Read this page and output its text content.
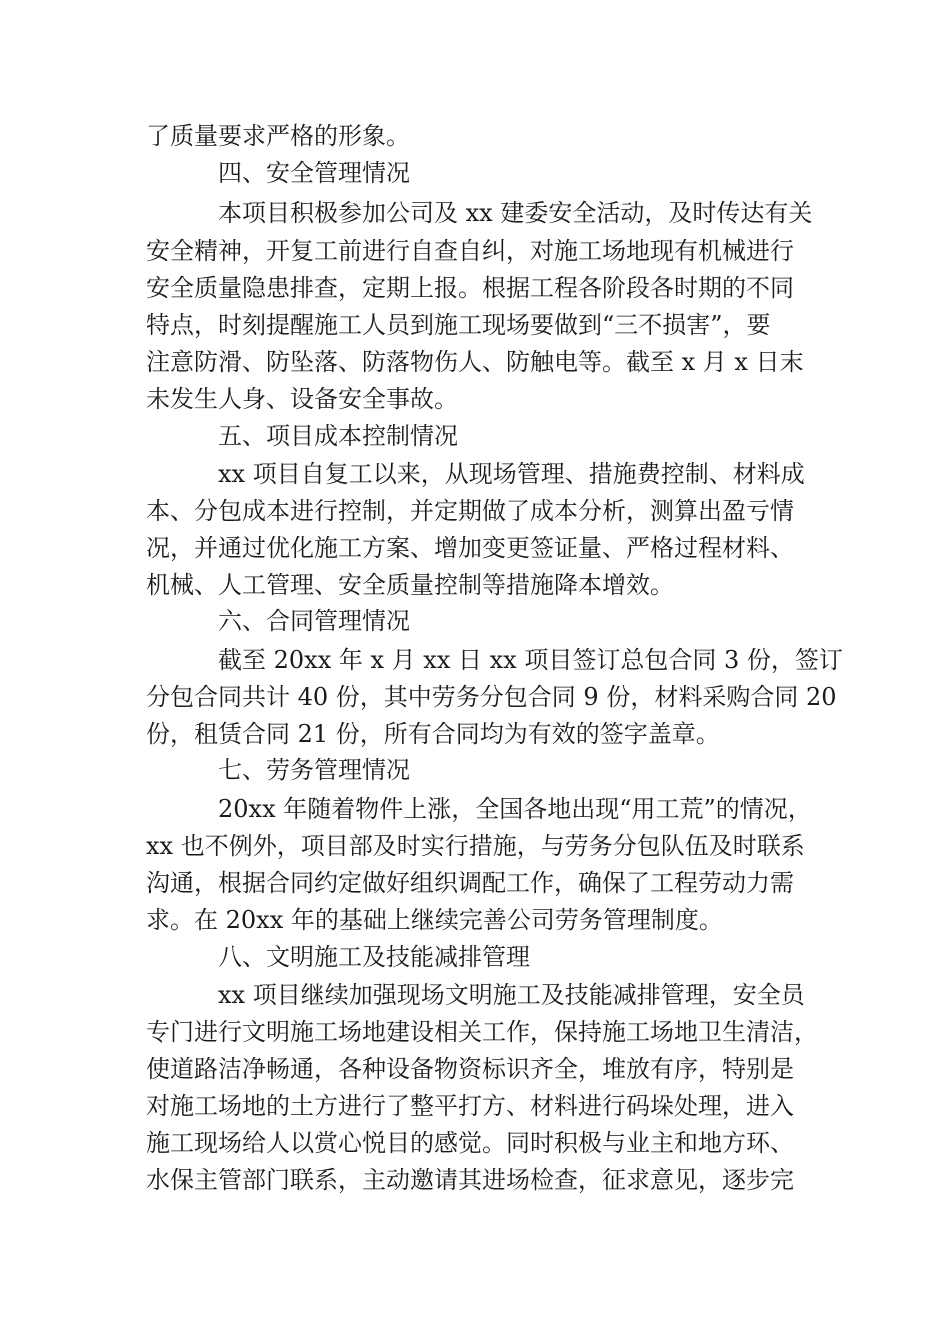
了质量要求严格的形象。
四、安全管理情况
本项目积极参加公司及 xx 建委安全活动，及时传达有关
安全精神，开复工前进行自查自纠，对施工场地现有机械进行
安全质量隐患排查，定期上报。根据工程各阶段各时期的不同
特点，时刻提醒施工人员到施工现场要做到“三不损害”，要
注意防滑、防坠落、防落物伤人、防触电等。截至 x 月 x 日末
未发生人身、设备安全事故。
五、项目成本控制情况
xx 项目自复工以来，从现场管理、措施费控制、材料成
本、分包成本进行控制，并定期做了成本分析，测算出盈亏情
况，并通过优化施工方案、增加变更签证量、严格过程材料、
机械、人工管理、安全质量控制等措施降本增效。
六、合同管理情况
截至 20xx 年 x 月 xx 日 xx 项目签订总包合同 3 份，签订
分包合同共计 40 份，其中劳务分包合同 9 份，材料采购合同 20
份，租赁合同 21 份，所有合同均为有效的签字盖章。
七、劳务管理情况
20xx 年随着物件上涨，全国各地出现“用工荒”的情况，
xx 也不例外，项目部及时实行措施，与劳务分包队伍及时联系
沟通，根据合同约定做好组织调配工作，确保了工程劳动力需
求。在 20xx 年的基础上继续完善公司劳务管理制度。
八、文明施工及技能减排管理
xx 项目继续加强现场文明施工及技能减排管理，安全员
专门进行文明施工场地建设相关工作，保持施工场地卫生清洁，
使道路洁净畅通，各种设备物资标识齐全，堆放有序，特别是
对施工场地的土方进行了整平打方、材料进行码垛处理，进入
施工现场给人以赏心悦目的感觉。同时积极与业主和地方环、
水保主管部门联系，主动邀请其进场检查，征求意见，逐步完
